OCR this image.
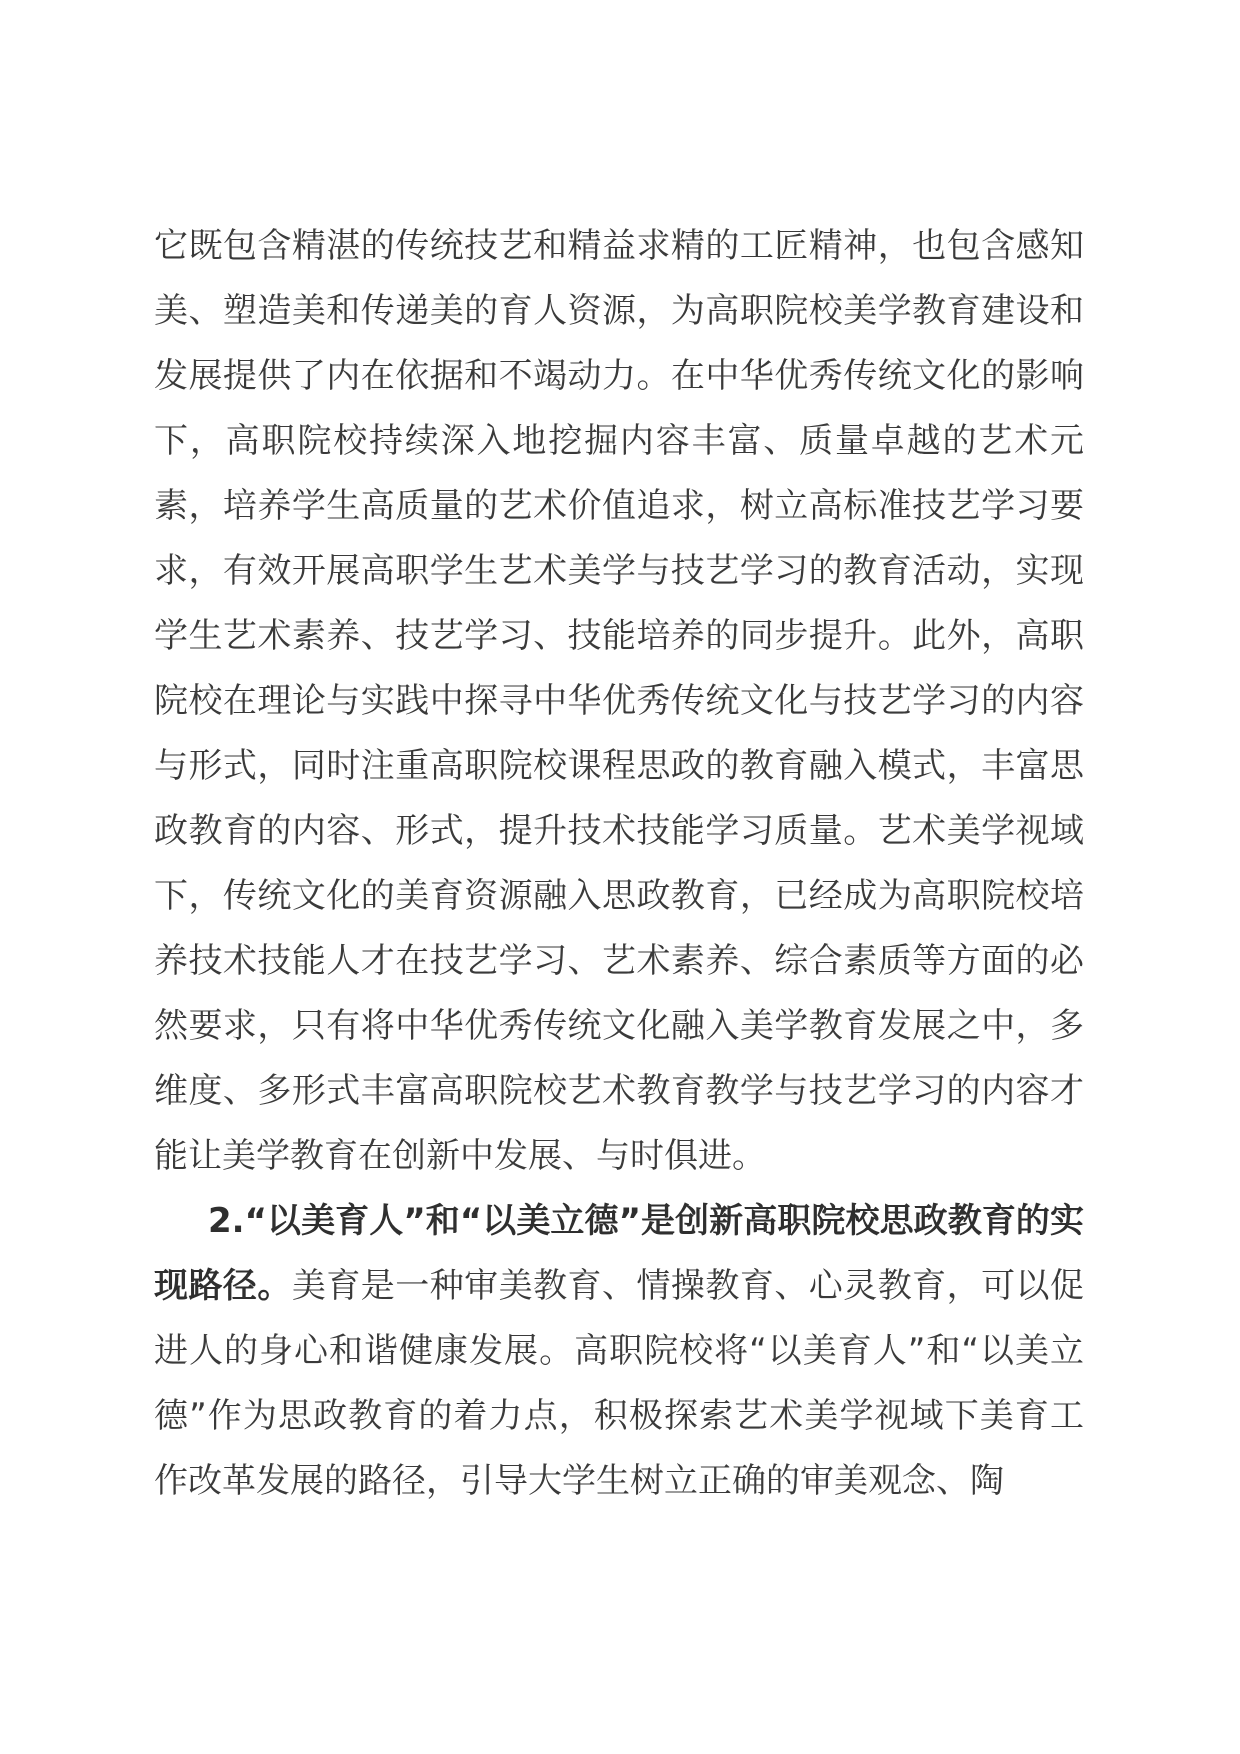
它既包含精湛的传统技艺和精益求精的工匠精神，也包含感知美、塑造美和传递美的育人资源，为高职院校美学教育建设和发展提供了内在依据和不竭动力。在中华优秀传统文化的影响下，高职院校持续深入地挖掘内容丰富、质量卓越的艺术元素，培养学生高质量的艺术价值追求，树立高标准技艺学习要求，有效开展高职学生艺术美学与技艺学习的教育活动，实现学生艺术素养、技艺学习、技能培养的同步提升。此外，高职院校在理论与实践中探寻中华优秀传统文化与技艺学习的内容与形式，同时注重高职院校课程思政的教育融入模式，丰富思政教育的内容、形式，提升技术技能学习质量。艺术美学视域下，传统文化的美育资源融入思政教育，已经成为高职院校培养技术技能人才在技艺学习、艺术素养、综合素质等方面的必然要求，只有将中华优秀传统文化融入美学教育发展之中，多维度、多形式丰富高职院校艺术教育教学与技艺学习的内容才能让美学教育在创新中发展、与时俱进。

2.“以美育人”和“以美立德”是创新高职院校思政教育的实现路径。美育是一种审美教育、情操教育、心灵教育，可以促进人的身心和谐健康发展。高职院校将“以美育人”和“以美立德”作为思政教育的着力点，积极探索艺术美学视域下美育工作改革发展的路径，引导大学生树立正确的审美观念、陶
